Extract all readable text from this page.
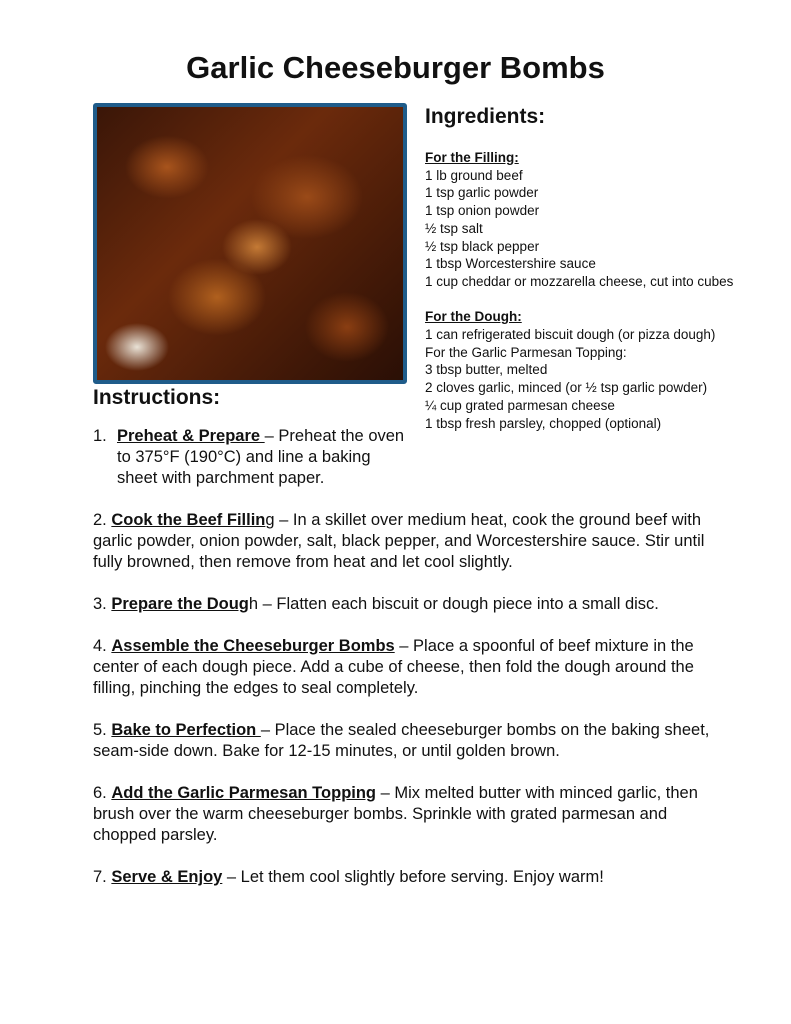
Garlic Cheeseburger Bombs
Ingredients:
For the Filling:
1 lb ground beef
1 tsp garlic powder
1 tsp onion powder
½ tsp salt
½ tsp black pepper
1 tbsp Worcestershire sauce
1 cup cheddar or mozzarella cheese, cut into cubes
For the Dough:
1 can refrigerated biscuit dough (or pizza dough)
For the Garlic Parmesan Topping:
3 tbsp butter, melted
2 cloves garlic, minced (or ½ tsp garlic powder)
¼ cup grated parmesan cheese
1 tbsp fresh parsley, chopped (optional)
Instructions:
1. Preheat & Prepare – Preheat the oven to 375°F (190°C) and line a baking sheet with parchment paper.

2. Cook the Beef Filling – In a skillet over medium heat, cook the ground beef with garlic powder, onion powder, salt, black pepper, and Worcestershire sauce. Stir until fully browned, then remove from heat and let cool slightly.

3. Prepare the Dough – Flatten each biscuit or dough piece into a small disc.

4. Assemble the Cheeseburger Bombs – Place a spoonful of beef mixture in the center of each dough piece. Add a cube of cheese, then fold the dough around the filling, pinching the edges to seal completely.

5. Bake to Perfection – Place the sealed cheeseburger bombs on the baking sheet, seam-side down. Bake for 12-15 minutes, or until golden brown.

6. Add the Garlic Parmesan Topping – Mix melted butter with minced garlic, then brush over the warm cheeseburger bombs. Sprinkle with grated parmesan and chopped parsley.

7. Serve & Enjoy – Let them cool slightly before serving. Enjoy warm!
